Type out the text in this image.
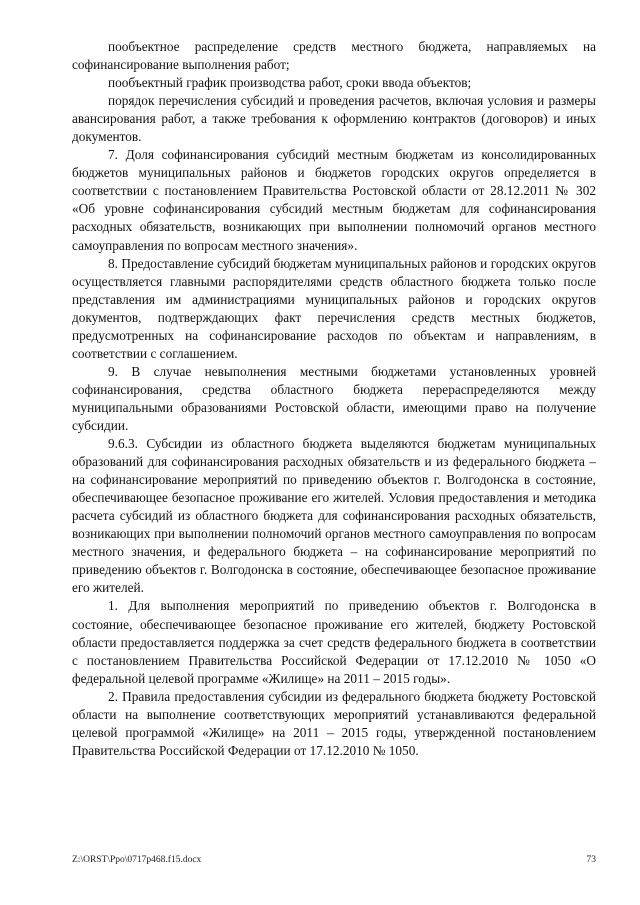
пообъектное распределение средств местного бюджета, направляемых на софинансирование выполнения работ;

пообъектный график производства работ, сроки ввода объектов;

порядок перечисления субсидий и проведения расчетов, включая условия и размеры авансирования работ, а также требования к оформлению контрактов (договоров) и иных документов.

7. Доля софинансирования субсидий местным бюджетам из консолидированных бюджетов муниципальных районов и бюджетов городских округов определяется в соответствии с постановлением Правительства Ростовской области от 28.12.2011 № 302 «Об уровне софинансирования субсидий местным бюджетам для софинансирования расходных обязательств, возникающих при выполнении полномочий органов местного самоуправления по вопросам местного значения».

8. Предоставление субсидий бюджетам муниципальных районов и городских округов осуществляется главными распорядителями средств областного бюджета только после представления им администрациями муниципальных районов и городских округов документов, подтверждающих факт перечисления средств местных бюджетов, предусмотренных на софинансирование расходов по объектам и направлениям, в соответствии с соглашением.

9. В случае невыполнения местными бюджетами установленных уровней софинансирования, средства областного бюджета перераспределяются между муниципальными образованиями Ростовской области, имеющими право на получение субсидии.

9.6.3. Субсидии из областного бюджета выделяются бюджетам муниципальных образований для софинансирования расходных обязательств и из федерального бюджета – на софинансирование мероприятий по приведению объектов г. Волгодонска в состояние, обеспечивающее безопасное проживание его жителей. Условия предоставления и методика расчета субсидий из областного бюджета для софинансирования расходных обязательств, возникающих при выполнении полномочий органов местного самоуправления по вопросам местного значения, и федерального бюджета – на софинансирование мероприятий по приведению объектов г. Волгодонска в состояние, обеспечивающее безопасное проживание его жителей.

1. Для выполнения мероприятий по приведению объектов г. Волгодонска в состояние, обеспечивающее безопасное проживание его жителей, бюджету Ростовской области предоставляется поддержка за счет средств федерального бюджета в соответствии с постановлением Правительства Российской Федерации от 17.12.2010 № 1050 «О федеральной целевой программе «Жилище» на 2011 – 2015 годы».

2. Правила предоставления субсидии из федерального бюджета бюджету Ростовской области на выполнение соответствующих мероприятий устанавливаются федеральной целевой программой «Жилище» на 2011 – 2015 годы, утвержденной постановлением Правительства Российской Федерации от 17.12.2010 № 1050.

Z:\ORST\Ppo\0717p468.f15.docx	73
